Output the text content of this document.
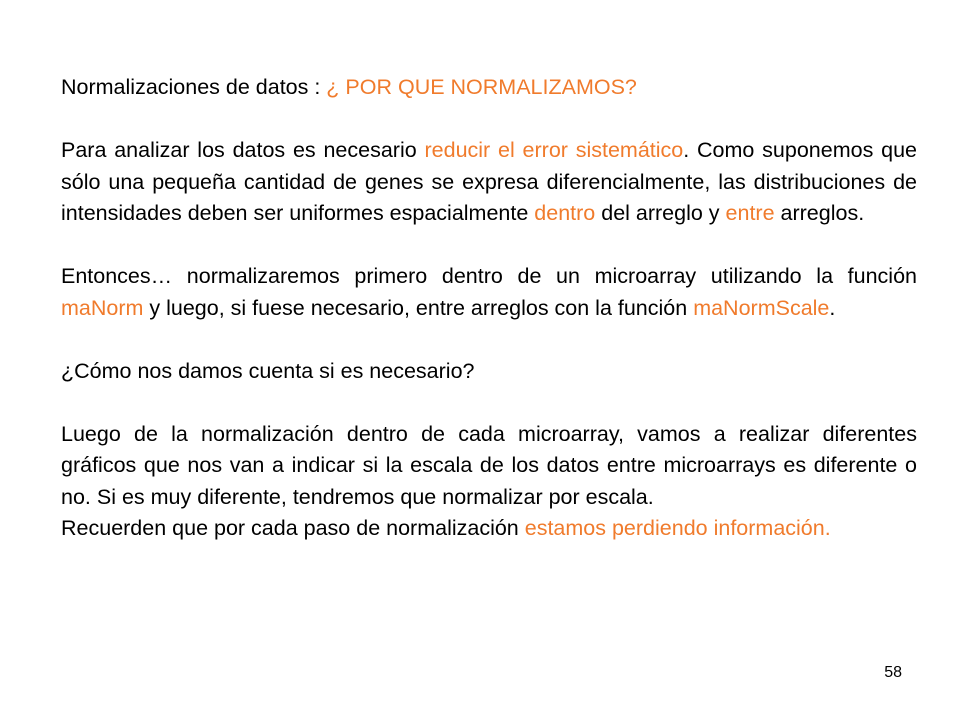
Normalizaciones de datos : ¿ POR QUE NORMALIZAMOS?

Para analizar los datos es necesario reducir el error sistemático. Como suponemos que sólo una pequeña cantidad de genes se expresa diferencialmente, las distribuciones de intensidades deben ser uniformes espacialmente dentro del arreglo y entre arreglos.

Entonces… normalizaremos primero dentro de un microarray utilizando la función maNorm y luego, si fuese necesario, entre arreglos con la función maNormScale.

¿Cómo nos damos cuenta si es necesario?

Luego de la normalización dentro de cada microarray, vamos a realizar diferentes gráficos que nos van a indicar si la escala de los datos entre microarrays es diferente o no. Si es muy diferente, tendremos que normalizar por escala.

Recuerden que por cada paso de normalización estamos perdiendo información.

58
